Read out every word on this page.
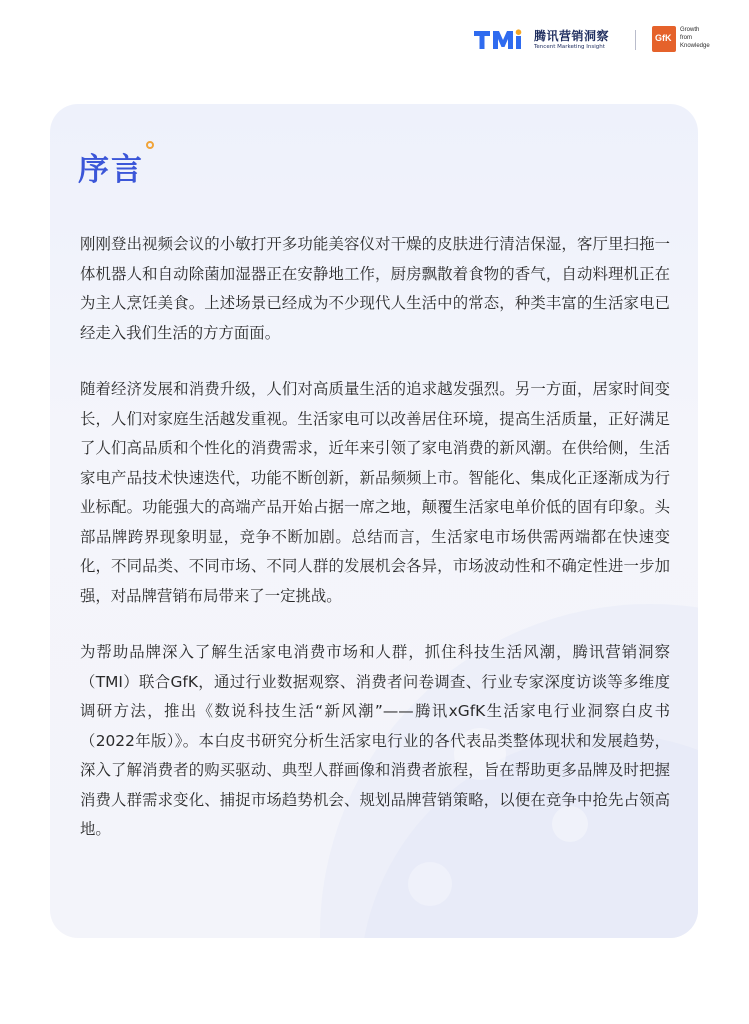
腾讯营销洞察
Tencent Marketing Insight
GfK
Growth
from
Knowledge
序言

刚刚登出视频会议的小敏打开多功能美容仪对干燥的皮肤进行清洁保湿，客厅里扫拖一体机器人和自动除菌加湿器正在安静地工作，厨房飘散着食物的香气，自动料理机正在为主人烹饪美食。上述场景已经成为不少现代人生活中的常态，种类丰富的生活家电已经走入我们生活的方方面面。

随着经济发展和消费升级，人们对高质量生活的追求越发强烈。另一方面，居家时间变长，人们对家庭生活越发重视。生活家电可以改善居住环境，提高生活质量，正好满足了人们高品质和个性化的消费需求，近年来引领了家电消费的新风潮。在供给侧，生活家电产品技术快速迭代，功能不断创新，新品频频上市。智能化、集成化正逐渐成为行业标配。功能强大的高端产品开始占据一席之地，颠覆生活家电单价低的固有印象。头部品牌跨界现象明显，竞争不断加剧。总结而言，生活家电市场供需两端都在快速变化，不同品类、不同市场、不同人群的发展机会各异，市场波动性和不确定性进一步加强，对品牌营销布局带来了一定挑战。

为帮助品牌深入了解生活家电消费市场和人群，抓住科技生活风潮，腾讯营销洞察（TMI）联合GfK，通过行业数据观察、消费者问卷调查、行业专家深度访谈等多维度调研方法，推出《数说科技生活“新风潮”——腾讯xGfK生活家电行业洞察白皮书（2022年版）》。本白皮书研究分析生活家电行业的各代表品类整体现状和发展趋势，深入了解消费者的购买驱动、典型人群画像和消费者旅程，旨在帮助更多品牌及时把握消费人群需求变化、捕捉市场趋势机会、规划品牌营销策略，以便在竞争中抢先占领高地。
